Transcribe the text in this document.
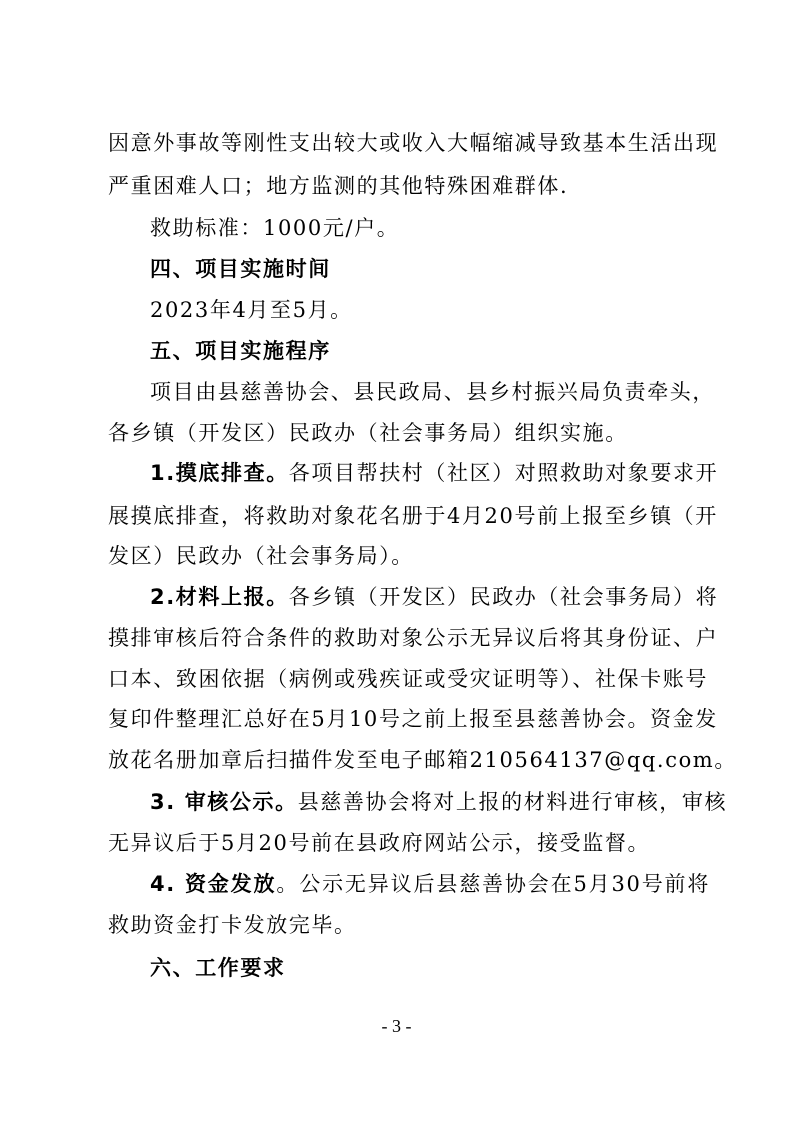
因意外事故等刚性支出较大或收入大幅缩减导致基本生活出现
严重困难人口；地方监测的其他特殊困难群体.
救助标准：1000元/户。
四、项目实施时间
2023年4月至5月。
五、项目实施程序
项目由县慈善协会、县民政局、县乡村振兴局负责牵头，
各乡镇（开发区）民政办（社会事务局）组织实施。
1.摸底排查。各项目帮扶村（社区）对照救助对象要求开
展摸底排查，将救助对象花名册于4月20号前上报至乡镇（开
发区）民政办（社会事务局）。
2.材料上报。各乡镇（开发区）民政办（社会事务局）将
摸排审核后符合条件的救助对象公示无异议后将其身份证、户
口本、致困依据（病例或残疾证或受灾证明等）、社保卡账号
复印件整理汇总好在5月10号之前上报至县慈善协会。资金发
放花名册加章后扫描件发至电子邮箱210564137@qq.com。
3. 审核公示。县慈善协会将对上报的材料进行审核，审核
无异议后于5月20号前在县政府网站公示，接受监督。
4. 资金发放。公示无异议后县慈善协会在5月30号前将
救助资金打卡发放完毕。
六、工作要求
- 3 -
